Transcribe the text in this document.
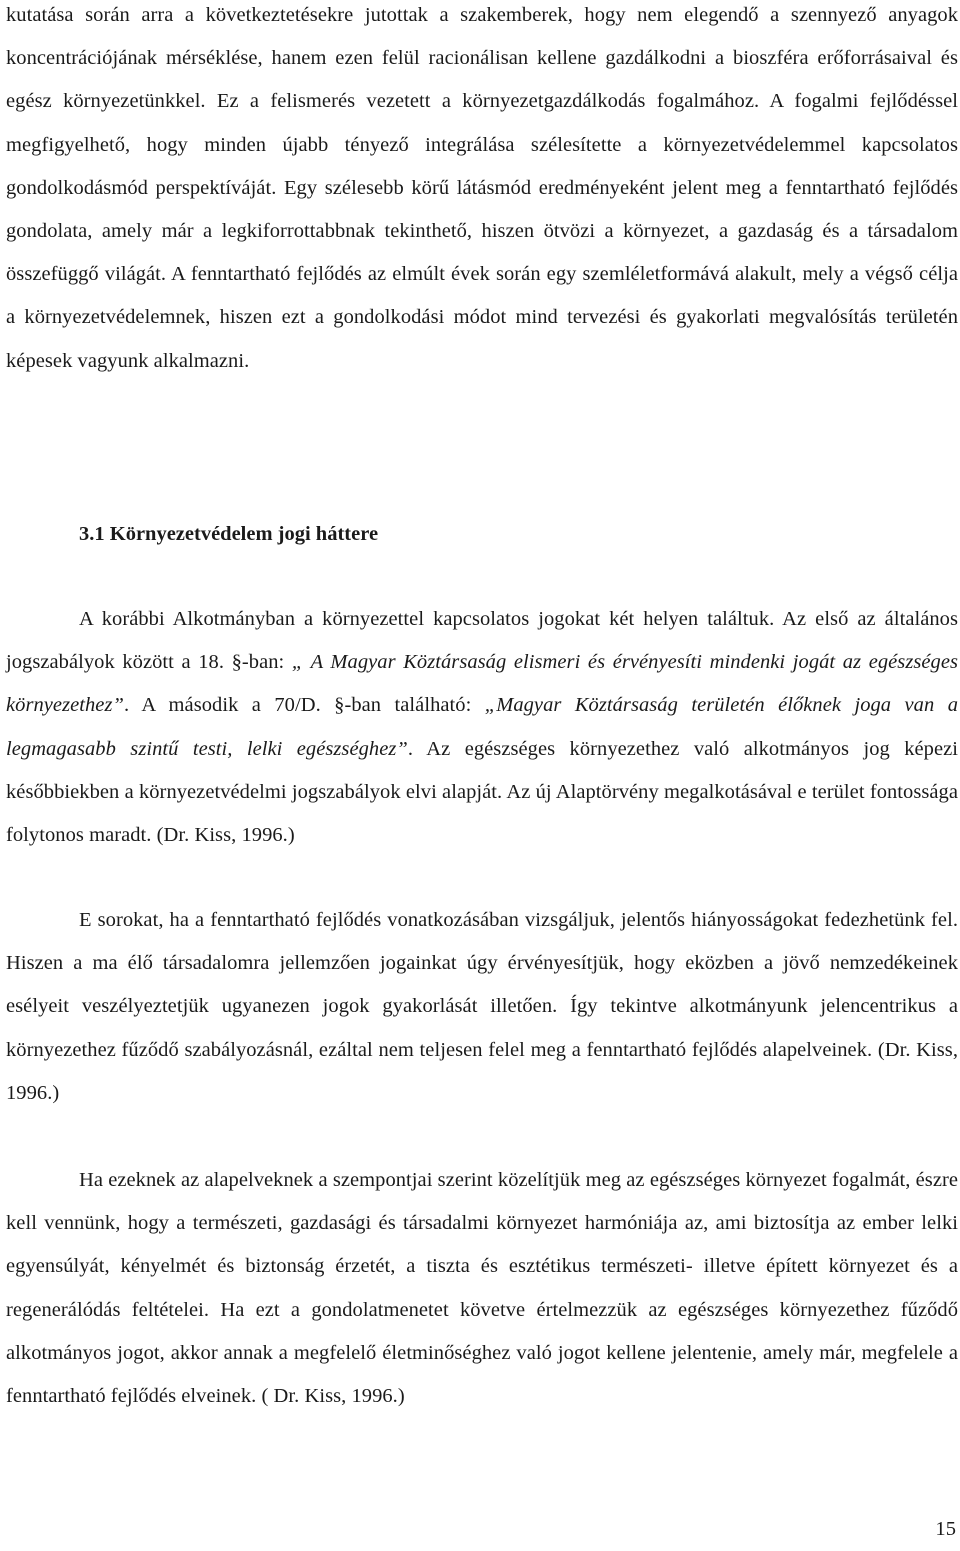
kutatása során arra a következtetésekre jutottak a szakemberek, hogy nem elegendő a szennyező anyagok koncentrációjának mérséklése, hanem ezen felül racionálisan kellene gazdálkodni a bioszféra erőforrásaival és egész környezetünkkel. Ez a felismerés vezetett a környezetgazdálkodás fogalmához. A fogalmi fejlődéssel megfigyelhető, hogy minden újabb tényező integrálása szélesítette a környezetvédelemmel kapcsolatos gondolkodásmód perspektíváját. Egy szélesebb körű látásmód eredményeként jelent meg a fenntartható fejlődés gondolata, amely már a legkiforrottabbnak tekinthető, hiszen ötvözi a környezet, a gazdaság és a társadalom összefüggő világát. A fenntartható fejlődés az elmúlt évek során egy szemléletformává alakult, mely a végső célja a környezetvédelemnek, hiszen ezt a gondolkodási módot mind tervezési és gyakorlati megvalósítás területén képesek vagyunk alkalmazni.

3.1 Környezetvédelem jogi háttere

A korábbi Alkotmányban a környezettel kapcsolatos jogokat két helyen találtuk. Az első az általános jogszabályok között a 18. §-ban: „ A Magyar Köztársaság elismeri és érvényesíti mindenki jogát az egészséges környezethez”. A második a 70/D. §-ban található: „Magyar Köztársaság területén élőknek joga van a legmagasabb szintű testi, lelki egészséghez”. Az egészséges környezethez való alkotmányos jog képezi későbbiekben a környezetvédelmi jogszabályok elvi alapját. Az új Alaptörvény megalkotásával e terület fontossága folytonos maradt. (Dr. Kiss, 1996.)

E sorokat, ha a fenntartható fejlődés vonatkozásában vizsgáljuk, jelentős hiányosságokat fedezhetünk fel. Hiszen a ma élő társadalomra jellemzően jogainkat úgy érvényesítjük, hogy eközben a jövő nemzedékeinek esélyeit veszélyeztetjük ugyanezen jogok gyakorlását illetően. Így tekintve alkotmányunk jelencentrikus a környezethez fűződő szabályozásnál, ezáltal nem teljesen felel meg a fenntartható fejlődés alapelveinek. (Dr. Kiss, 1996.)

Ha ezeknek az alapelveknek a szempontjai szerint közelítjük meg az egészséges környezet fogalmát, észre kell vennünk, hogy a természeti, gazdasági és társadalmi környezet harmóniája az, ami biztosítja az ember lelki egyensúlyát, kényelmét és biztonság érzetét, a tiszta és esztétikus természeti- illetve épített környezet és a regenerálódás feltételei. Ha ezt a gondolatmenetet követve értelmezzük az egészséges környezethez fűződő alkotmányos jogot, akkor annak a megfelelő életminőséghez való jogot kellene jelentenie, amely már, megfelele a fenntartható fejlődés elveinek. ( Dr. Kiss, 1996.)

15
